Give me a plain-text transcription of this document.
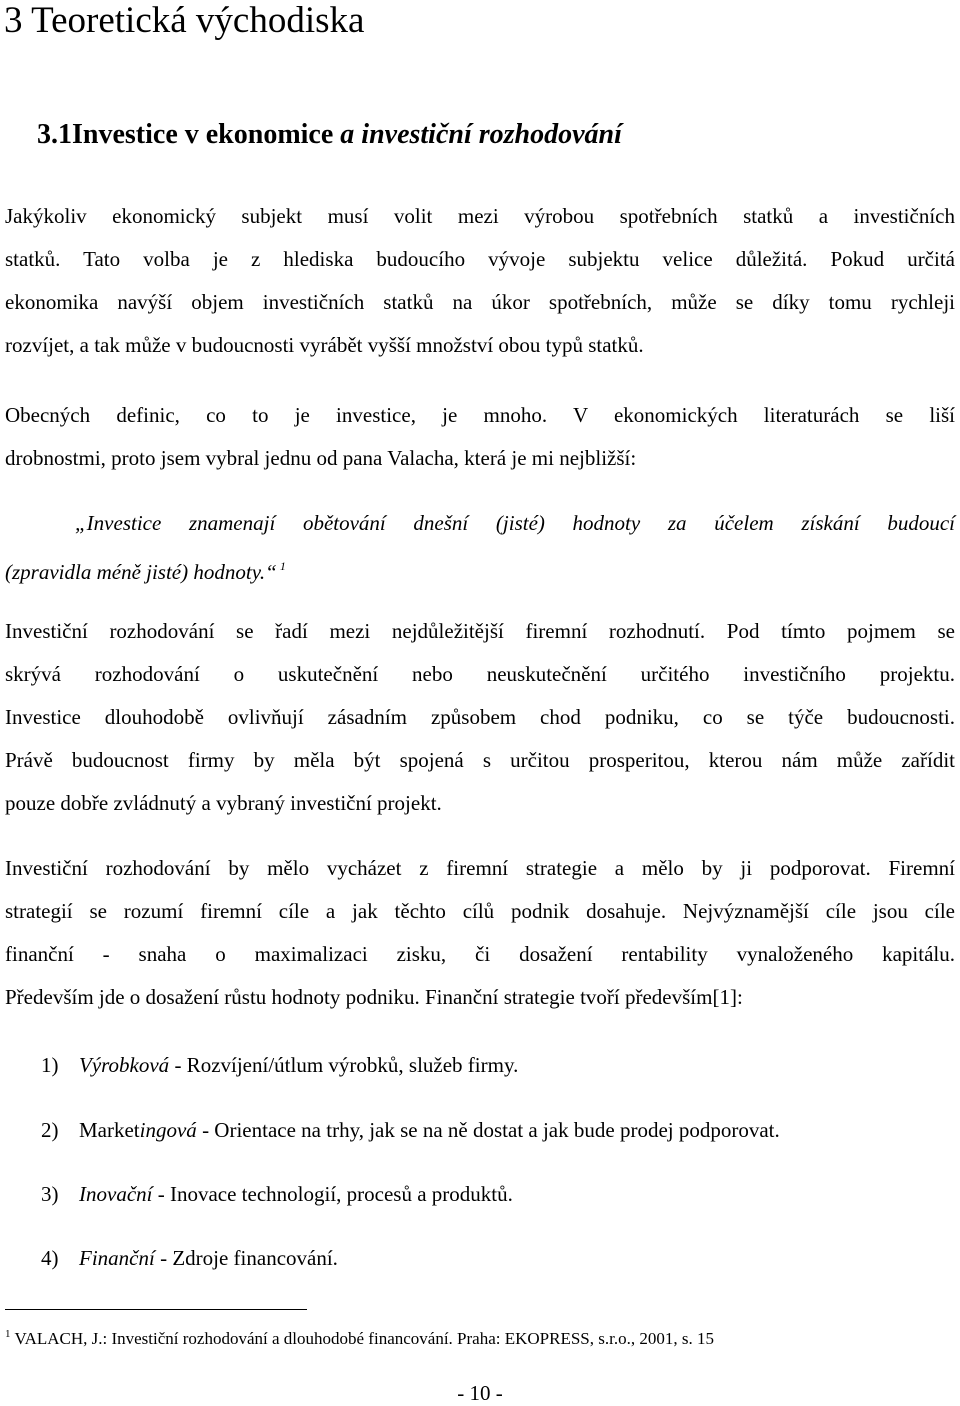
3 Teoretická východiska
3.1Investice v ekonomice a investiční rozhodování
Jakýkoliv ekonomický subjekt musí volit mezi výrobou spotřebních statků a investičních
statků. Tato volba je z hlediska budoucího vývoje subjektu velice důležitá. Pokud určitá
ekonomika navýší objem investičních statků na úkor spotřebních, může se díky tomu rychleji
rozvíjet, a tak může v budoucnosti vyrábět vyšší množství obou typů statků.
Obecných definic, co to je investice, je mnoho. V ekonomických literaturách se liší
drobnostmi, proto jsem vybral jednu od pana Valacha, která je mi nejbližší:
„Investice znamenají obětování dnešní (jisté) hodnoty za účelem získání budoucí
(zpravidla méně jisté) hodnoty.“ $^1$
Investiční rozhodování se řadí mezi nejdůležitější firemní rozhodnutí. Pod tímto pojmem se
skrývá rozhodování o uskutečnění nebo neuskutečnění určitého investičního projektu.
Investice dlouhodobě ovlivňují zásadním způsobem chod podniku, co se týče budoucnosti.
Právě budoucnost firmy by měla být spojená s určitou prosperitou, kterou nám může zařídit
pouze dobře zvládnutý a vybraný investiční projekt.
Investiční rozhodování by mělo vycházet z firemní strategie a mělo by ji podporovat. Firemní
strategií se rozumí firemní cíle a jak těchto cílů podnik dosahuje. Nejvýznamější cíle jsou cíle
finanční - snaha o maximalizaci zisku, či dosažení rentability vynaloženého kapitálu.
Především jde o dosažení růstu hodnoty podniku. Finanční strategie tvoří především[1]:
1) Výrobková - Rozvíjení/útlum výrobků, služeb firmy.
2) Marketingová - Orientace na trhy, jak se na ně dostat a jak bude prodej podporovat.
3) Inovační - Inovace technologií, procesů a produktů.
4) Finanční - Zdroje financování.
$^1$ VALACH, J.: Investiční rozhodování a dlouhodobé financování. Praha: EKOPRESS, s.r.o., 2001, s. 15
- 10 -
